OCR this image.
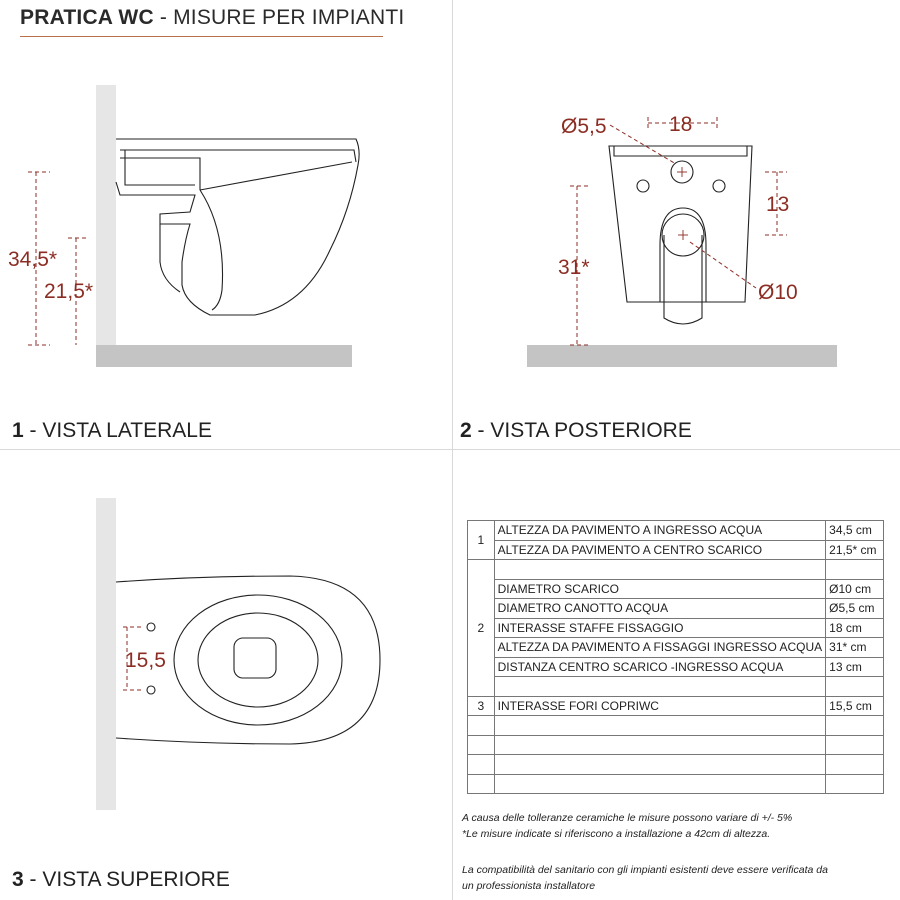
PRATICA WC - MISURE PER IMPIANTI
34,5*
21,5*
Ø5,5	18
13
31*
Ø10
15,5
1 - VISTA LATERALE	2 - VISTA POSTERIORE
3 - VISTA SUPERIORE
1	ALTEZZA DA PAVIMENTO A INGRESSO ACQUA	34,5 cm
	ALTEZZA DA PAVIMENTO A CENTRO SCARICO	21,5* cm
2		
	DIAMETRO SCARICO	Ø10 cm
	DIAMETRO CANOTTO ACQUA	Ø5,5 cm
	INTERASSE STAFFE FISSAGGIO	18 cm
	ALTEZZA DA PAVIMENTO A FISSAGGI INGRESSO ACQUA	31* cm
	DISTANZA CENTRO SCARICO -INGRESSO ACQUA	13 cm

3	INTERASSE FORI COPRIWC	15,5 cm

A causa delle tolleranze ceramiche le misure possono variare di +/- 5%
*Le misure indicate si riferiscono a installazione a 42cm di altezza.
La compatibilità del sanitario con gli impianti esistenti deve essere verificata da
un professionista installatore
